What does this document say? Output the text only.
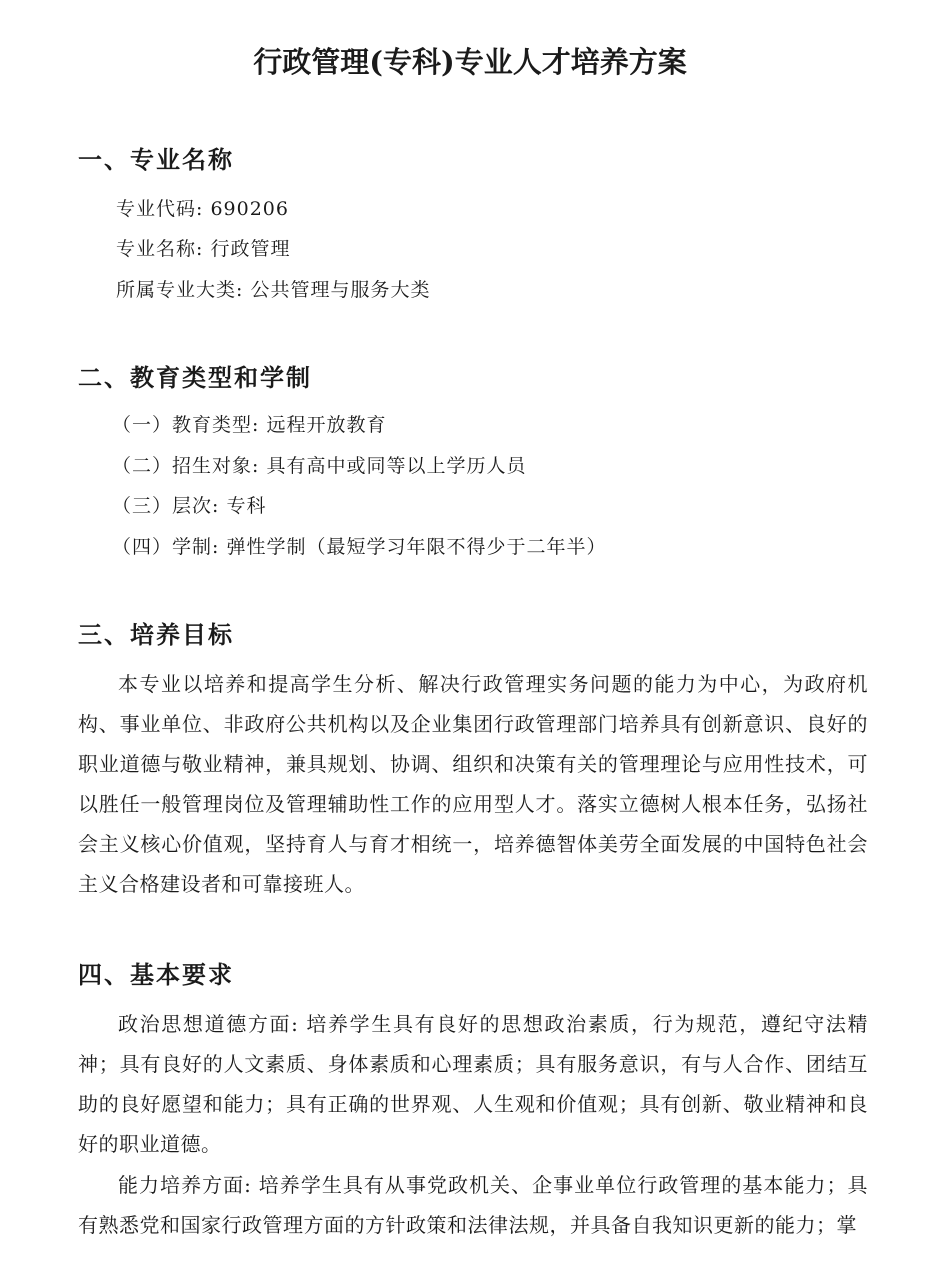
行政管理(专科)专业人才培养方案
一、专业名称
专业代码: 690206
专业名称: 行政管理
所属专业大类: 公共管理与服务大类
二、教育类型和学制
（一）教育类型: 远程开放教育
（二）招生对象: 具有高中或同等以上学历人员
（三）层次: 专科
（四）学制: 弹性学制（最短学习年限不得少于二年半）
三、培养目标

本专业以培养和提高学生分析、解决行政管理实务问题的能力为中心，为政府机构、事业单位、非政府公共机构以及企业集团行政管理部门培养具有创新意识、良好的职业道德与敬业精神，兼具规划、协调、组织和决策有关的管理理论与应用性技术，可以胜任一般管理岗位及管理辅助性工作的应用型人才。落实立德树人根本任务，弘扬社会主义核心价值观，坚持育人与育才相统一，培养德智体美劳全面发展的中国特色社会主义合格建设者和可靠接班人。

四、基本要求

政治思想道德方面: 培养学生具有良好的思想政治素质，行为规范，遵纪守法精神；具有良好的人文素质、身体素质和心理素质；具有服务意识，有与人合作、团结互助的良好愿望和能力；具有正确的世界观、人生观和价值观；具有创新、敬业精神和良好的职业道德。

能力培养方面: 培养学生具有从事党政机关、企事业单位行政管理的基本能力；具有熟悉党和国家行政管理方面的方针政策和法律法规，并具备自我知识更新的能力；掌
